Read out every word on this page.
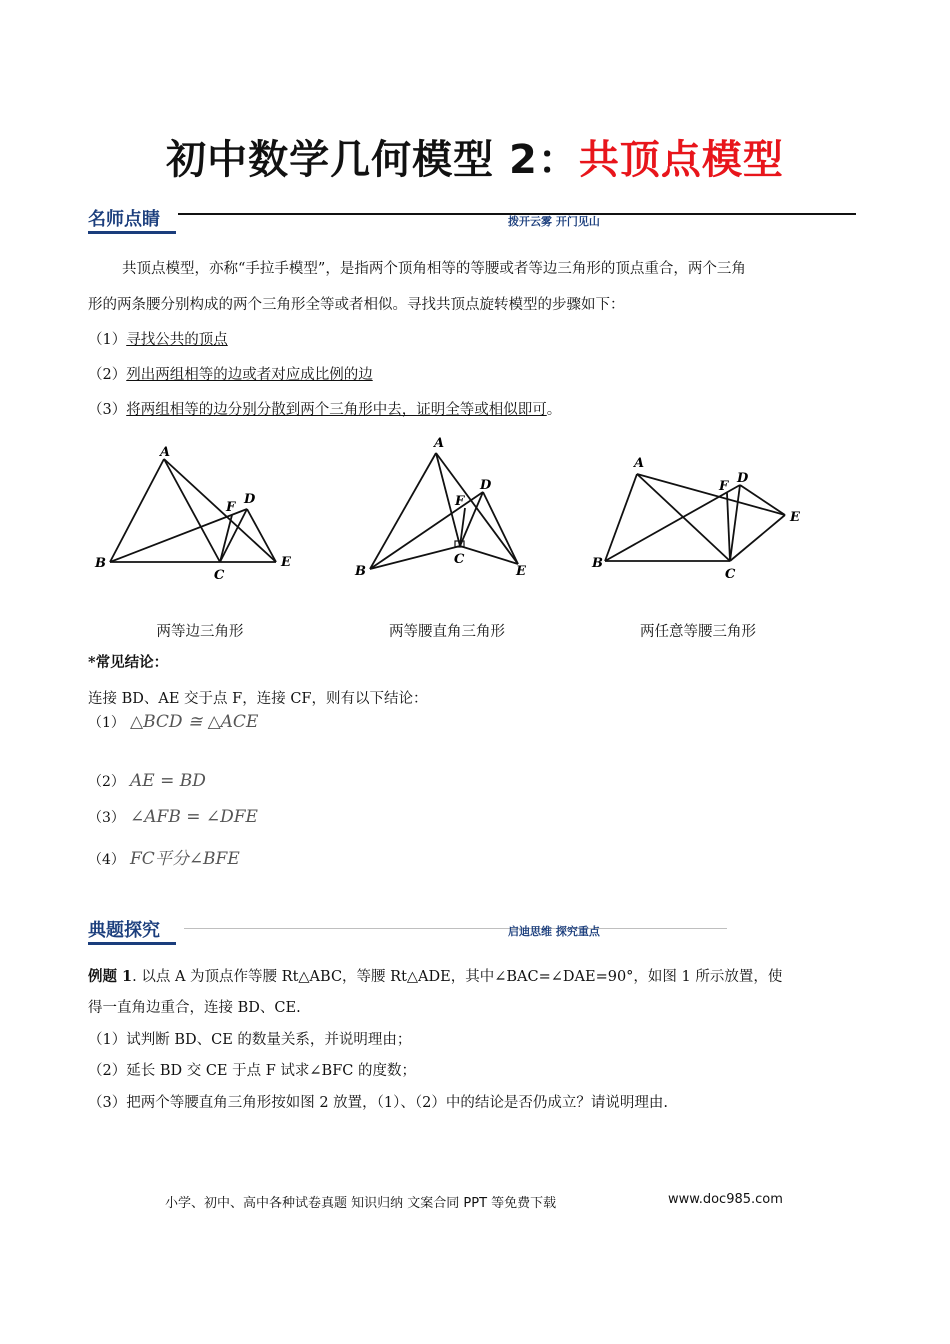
初中数学几何模型 2：共顶点模型
名师点睛	拨开云雾 开门见山
共顶点模型，亦称“手拉手模型”，是指两个顶角相等的等腰或者等边三角形的顶点重合，两个三角
形的两条腰分别构成的两个三角形全等或者相似。寻找共顶点旋转模型的步骤如下：
（1）寻找公共的顶点
（2）列出两组相等的边或者对应成比例的边
（3）将两组相等的边分别分散到两个三角形中去，证明全等或相似即可。
A
B
C
D
E
F
A
B
C
D
E
F
A
B
C
D
E
F
两等边三角形	两等腰直角三角形	两任意等腰三角形
*常见结论：
连接 BD、AE 交于点 F，连接 CF，则有以下结论：
（1） △BCD ≅ △ACE
（2） AE = BD
（3） ∠AFB = ∠DFE
（4） FC平分∠BFE
典题探究	启迪思维 探究重点
例题 1. 以点 A 为顶点作等腰 Rt△ABC，等腰 Rt△ADE，其中∠BAC=∠DAE=90°，如图 1 所示放置，使
得一直角边重合，连接 BD、CE.
（1）试判断 BD、CE 的数量关系，并说明理由；
（2）延长 BD 交 CE 于点 F 试求∠BFC 的度数；
（3）把两个等腰直角三角形按如图 2 放置，（1）、（2）中的结论是否仍成立？请说明理由.
小学、初中、高中各种试卷真题 知识归纳 文案合同 PPT 等免费下载	www.doc985.com
